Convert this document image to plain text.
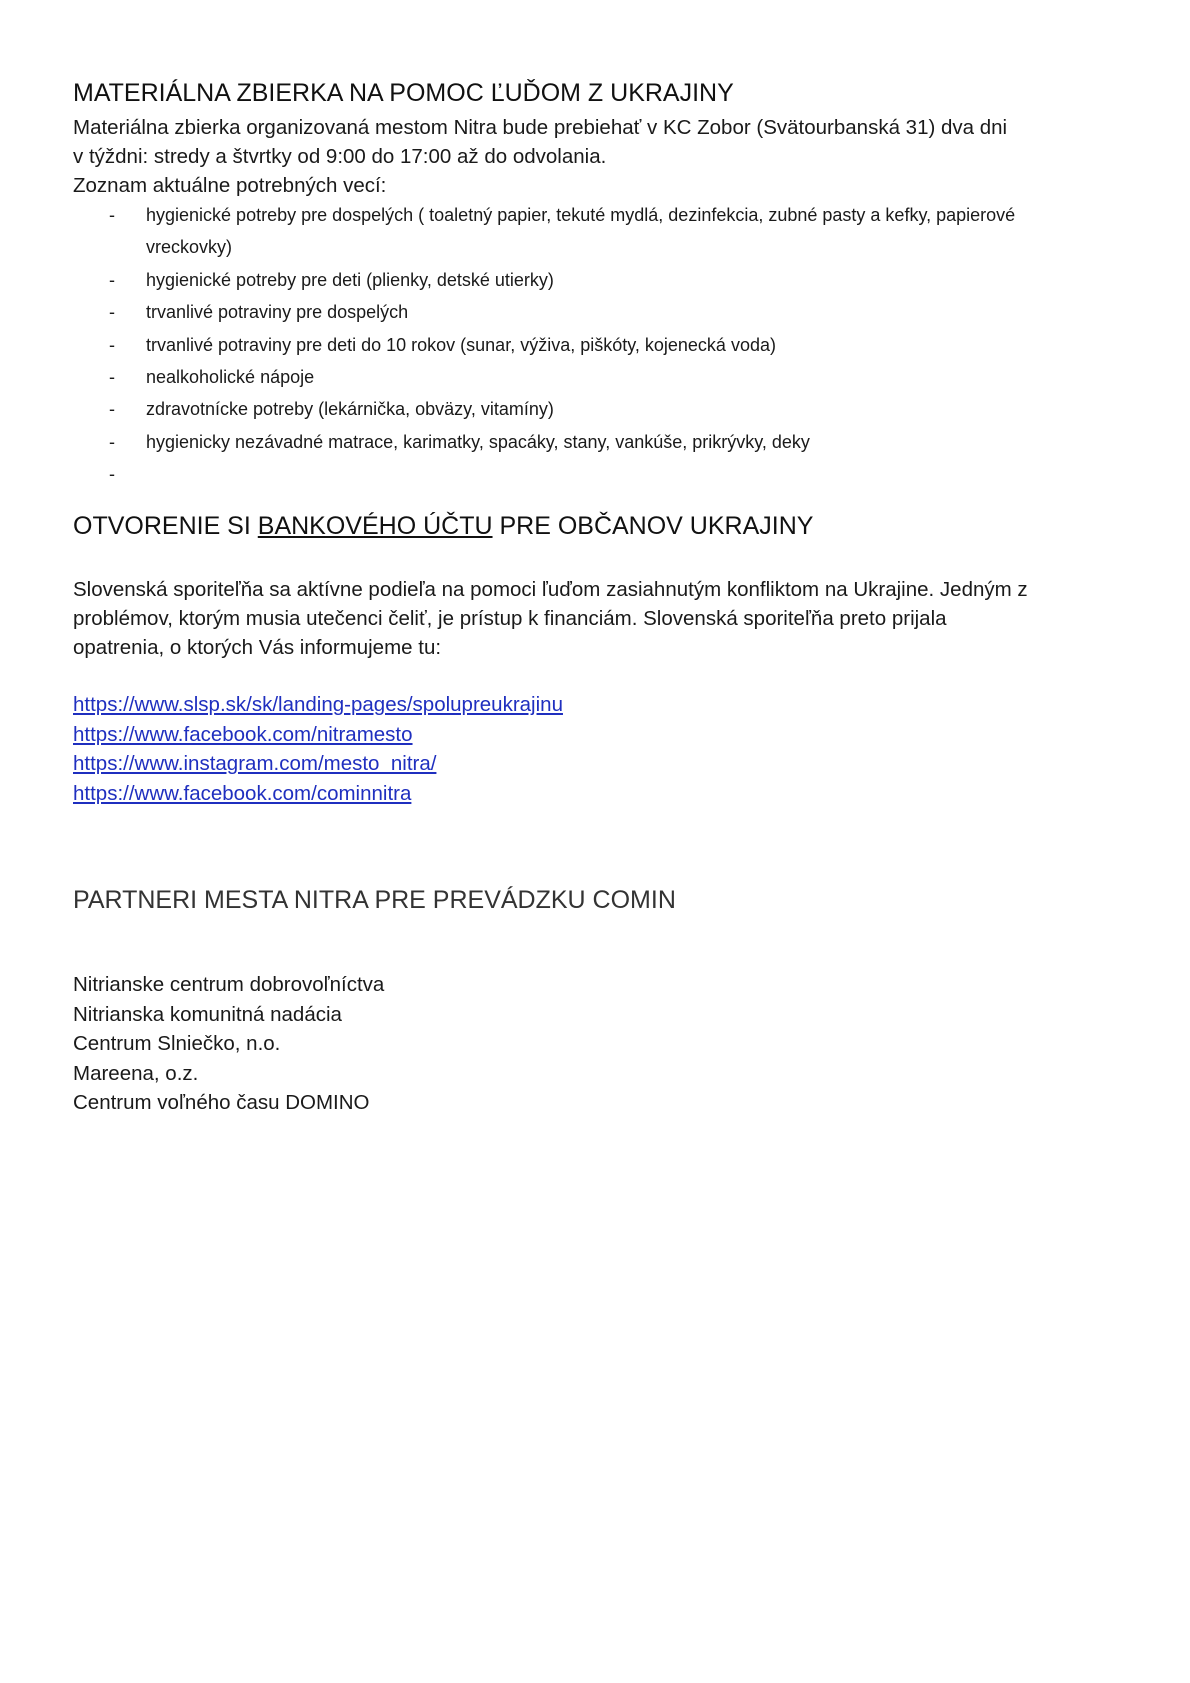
MATERIÁLNA ZBIERKA NA POMOC ĽUĎOM Z UKRAJINY

Materiálna zbierka organizovaná mestom Nitra bude prebiehať v KC Zobor (Svätourbanská 31) dva dni

v týždni: stredy a štvrtky od 9:00 do 17:00 až do odvolania.

Zoznam aktuálne potrebných vecí:

- hygienické potreby pre dospelých ( toaletný papier, tekuté mydlá, dezinfekcia, zubné pasty a kefky, papierové
vreckovky)
- hygienické potreby pre deti (plienky, detské utierky)
- trvanlivé potraviny pre dospelých
- trvanlivé potraviny pre deti do 10 rokov (sunar, výživa, piškóty, kojenecká voda)
- nealkoholické nápoje
- zdravotnícke potreby (lekárnička, obväzy, vitamíny)
- hygienicky nezávadné matrace, karimatky, spacáky, stany, vankúše, prikrývky, deky
-
OTVORENIE SI BANKOVÉHO ÚČTU PRE OBČANOV UKRAJINY

Slovenská sporiteľňa sa aktívne podieľa na pomoci ľuďom zasiahnutým konfliktom na Ukrajine. Jedným z

problémov, ktorým musia utečenci čeliť, je prístup k financiám. Slovenská sporiteľňa preto prijala

opatrenia, o ktorých Vás informujeme tu:

https://www.slsp.sk/sk/landing-pages/spolupreukrajinu
https://www.facebook.com/nitramesto
https://www.instagram.com/mesto_nitra/
https://www.facebook.com/cominnitra
PARTNERI MESTA NITRA PRE PREVÁDZKU COMIN

Nitrianske centrum dobrovoľníctva

Nitrianska komunitná nadácia

Centrum Slniečko, n.o.

Mareena, o.z.

Centrum voľného času DOMINO
